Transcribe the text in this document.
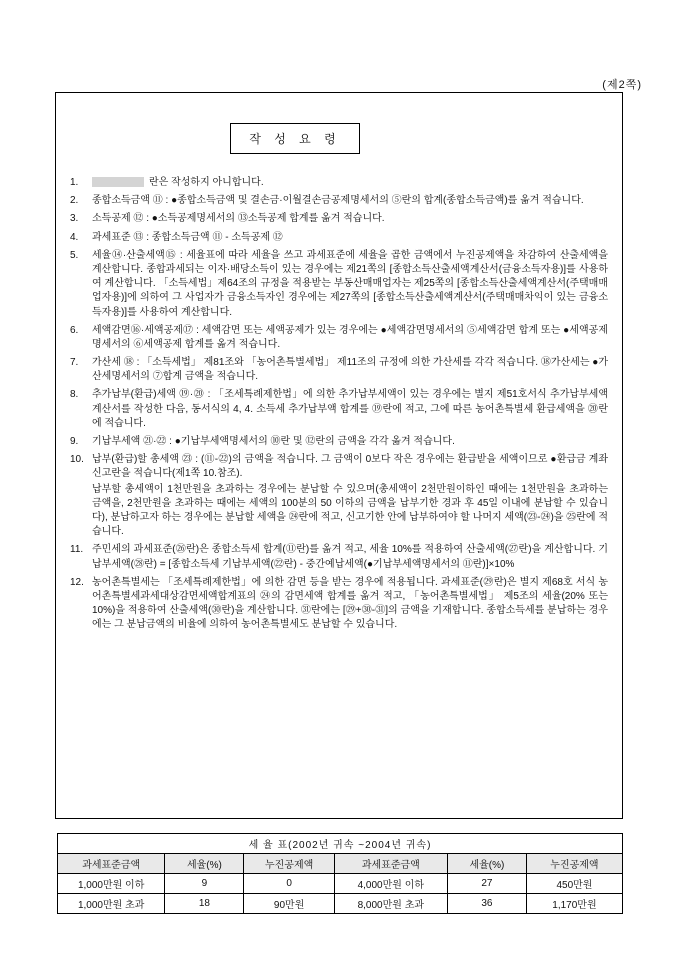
(제2쪽)
작 성 요 령
1.	란은 작성하지 아니합니다.
2.	종합소득금액 ⑪ : ●종합소득금액 및 결손금·이월결손금공제명세서의 ⑤란의 합계(종합소득금액)를 옮겨 적습니다.
3.	소득공제 ⑫ : ●소득공제명세서의 ⑬소득공제 합계를 옮겨 적습니다.
4.	과세표준 ⑬ : 종합소득금액 ⑪ - 소득공제 ⑫
5.	세율⑭·산출세액⑮ : 세율표에 따라 세율을 쓰고 과세표준에 세율을 곱한 금액에서 누진공제액을 차감하여 산출세액을 계산합니다. 종합과세되는 이자·배당소득이 있는 경우에는 제21쪽의 [종합소득산출세액계산서(금융소득자용)]를 사용하여 계산합니다. 「소득세법」제64조의 규정을 적용받는 부동산매매업자는 제25쪽의 [종합소득산출세액계산서(주택매매업자용)]에 의하여 그 사업자가 금융소득자인 경우에는 제27쪽의 [종합소득산출세액계산서(주택매매차익이 있는 금융소득자용)]를 사용하여 계산합니다.
6.	세액감면⑯·세액공제⑰ : 세액감면 또는 세액공제가 있는 경우에는 ●세액감면명세서의 ⑤세액감면 합계 또는 ●세액공제명세서의 ⑥세액공제 합계를 옮겨 적습니다.
7.	가산세 ⑱ : 「소득세법」 제81조와 「농어촌특별세법」 제11조의 규정에 의한 가산세를 각각 적습니다. ⑱가산세는 ●가산세명세서의 ⑦합계 금액을 적습니다.
8.	추가납부(환급)세액 ⑲·⑳ : 「조세특례제한법」에 의한 추가납부세액이 있는 경우에는 별지 제51호서식 추가납부세액계산서를 작성한 다음, 동서식의 4, 4. 소득세 추가납부액 합계를 ⑲란에 적고, 그에 따른 농어촌특별세 환급세액을 ⑳란에 적습니다.
9.	기납부세액 ㉑·㉒ : ●기납부세액명세서의 ⑩란 및 ⑫란의 금액을 각각 옮겨 적습니다.
10. 납부(환급)할 총세액 ㉓ : (⑪-㉒)의 금액을 적습니다. 그 금액이 0보다 작은 경우에는 환급받을 세액이므로 ●환급금 계좌신고란을 적습니다(제1쪽 10.참조).
납부할 총세액이 1천만원을 초과하는 경우에는 분납할 수 있으며(총세액이 2천만원이하인 때에는 1천만원을 초과하는 금액을, 2천만원을 초과하는 때에는 세액의 100분의 50 이하의 금액을 납부기한 경과 후 45일 이내에 분납할 수 있습니다), 분납하고자 하는 경우에는 분납할 세액을 ㉔란에 적고, 신고기한 안에 납부하여야 할 나머지 세액(㉓-㉔)을 ㉕란에 적습니다.
11. 주민세의 과세표준(㉖란)은 종합소득세 합계(⑪란)를 옮겨 적고, 세율 10%를 적용하여 산출세액(㉗란)을 계산합니다. 기납부세액(㉘란) = [종합소득세 기납부세액(㉒란) - 중간예납세액(●기납부세액명세서의 ⑪란)]×10%
12. 농어촌특별세는 「조세특례제한법」에 의한 감면 등을 받는 경우에 적용됩니다. 과세표준(㉙란)은 별지 제68호 서식 농어촌특별세과세대상감면세액합계표의 ㉔의 감면세액 합계를 옮겨 적고, 「농어촌특별세법」 제5조의 세율(20% 또는 10%)을 적용하여 산출세액(㉚란)을 계산합니다. ㉛란에는 [㉙+㉚-㉛]의 금액을 기재합니다. 종합소득세를 분납하는 경우에는 그 분납금액의 비율에 의하여 농어촌특별세도 분납할 수 있습니다.
세 율 표(2002년 귀속 ~2004년 귀속)					
과세표준금액	세율(%)	누진공제액	과세표준금액	세율(%)	누진공제액
1,000만원 이하	9	0	4,000만원 이하	27	450만원
1,000만원 초과	18	90만원	8,000만원 초과	36	1,170만원
